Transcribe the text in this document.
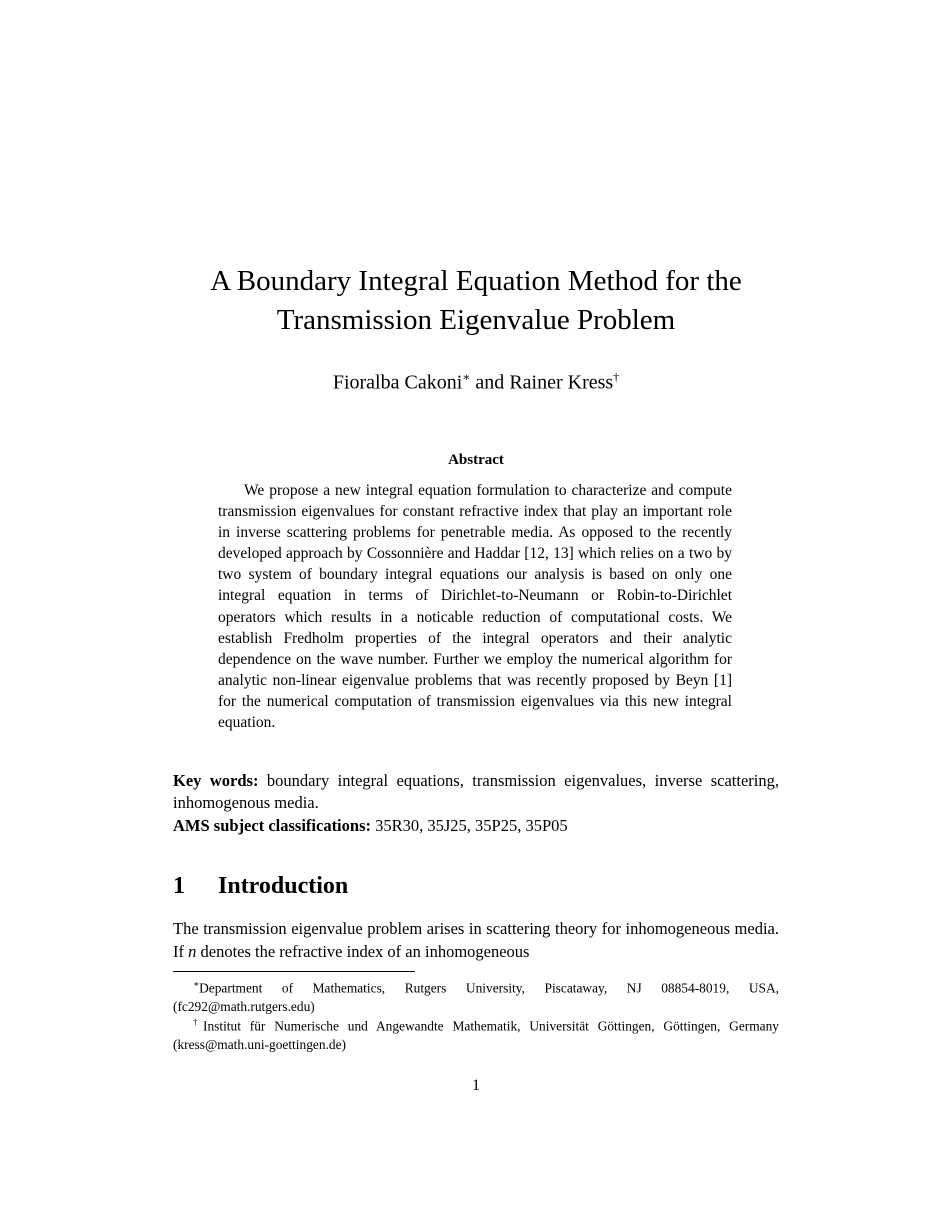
A Boundary Integral Equation Method for the
Transmission Eigenvalue Problem
Fioralba Cakoni∗ and Rainer Kress†
Abstract
We propose a new integral equation formulation to characterize and compute transmission eigenvalues for constant refractive index that play an important role in inverse scattering problems for penetrable media. As opposed to the recently developed approach by Cossonnière and Haddar [12, 13] which relies on a two by two system of boundary integral equations our analysis is based on only one integral equation in terms of Dirichlet-to-Neumann or Robin-to-Dirichlet operators which results in a noticable reduction of computational costs. We establish Fredholm properties of the integral operators and their analytic dependence on the wave number. Further we employ the numerical algorithm for analytic non-linear eigenvalue problems that was recently proposed by Beyn [1] for the numerical computation of transmission eigenvalues via this new integral equation.
Key words: boundary integral equations, transmission eigenvalues, inverse scattering, inhomogenous media.
AMS subject classifications: 35R30, 35J25, 35P25, 35P05
1 Introduction
The transmission eigenvalue problem arises in scattering theory for inhomogeneous media. If n denotes the refractive index of an inhomogeneous
∗Department of Mathematics, Rutgers University, Piscataway, NJ 08854-8019, USA, (fc292@math.rutgers.edu)
†Institut für Numerische und Angewandte Mathematik, Universität Göttingen, Göttingen, Germany (kress@math.uni-goettingen.de)
1
